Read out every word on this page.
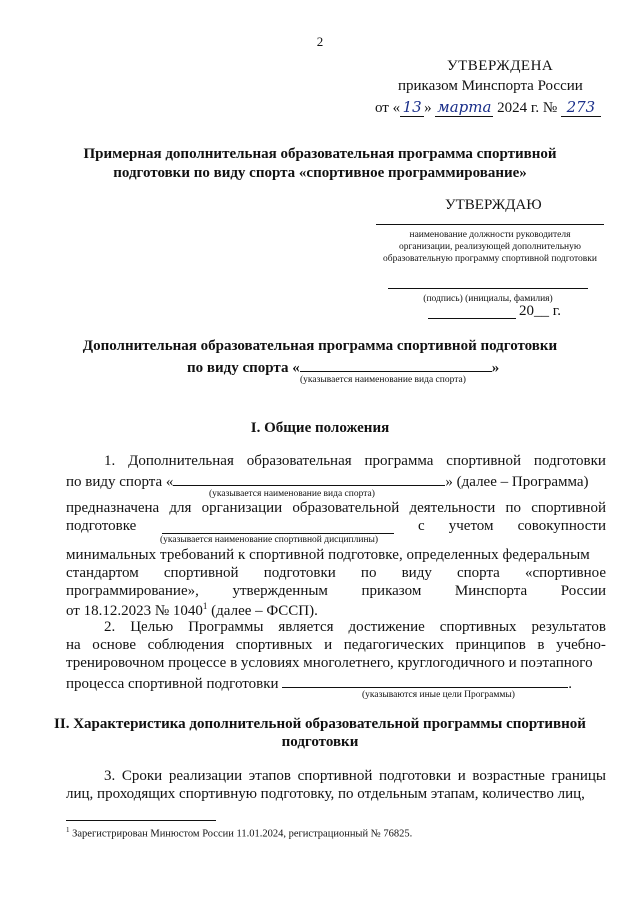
2
УТВЕРЖДЕНА
приказом Минспорта России
от « 13 » марта 2024 г. № 273
Примерная дополнительная образовательная программа спортивной
подготовки по виду спорта «спортивное программирование»
УТВЕРЖДАЮ
наименование должности руководителя
организации, реализующей дополнительную
образовательную программу спортивной подготовки
(подпись) (инициалы, фамилия)
20__ г.
Дополнительная образовательная программа спортивной подготовки
по виду спорта «	»
(указывается наименование вида спорта)
I. Общие положения
1. Дополнительная образовательная программа спортивной подготовки
по виду спорта «	» (далее – Программа)
(указывается наименование вида спорта)
предназначена для организации образовательной деятельности по спортивной
подготовке	с учетом совокупности
(указывается наименование спортивной дисциплины)
минимальных требований к спортивной подготовке, определенных федеральным
стандартом спортивной подготовки по виду спорта «спортивное
программирование», утвержденным приказом Минспорта России
от 18.12.2023 № 1040$^1$ (далее – ФССП).
2. Целью Программы является достижение спортивных результатов
на основе соблюдения спортивных и педагогических принципов в учебно-
тренировочном процессе в условиях многолетнего, круглогодичного и поэтапного
процесса спортивной подготовки	.
(указываются иные цели Программы)
II. Характеристика дополнительной образовательной программы спортивной
подготовки
3. Сроки реализации этапов спортивной подготовки и возрастные границы
лиц, проходящих спортивную подготовку, по отдельным этапам, количество лиц,
$^1$ Зарегистрирован Минюстом России 11.01.2024, регистрационный № 76825.
